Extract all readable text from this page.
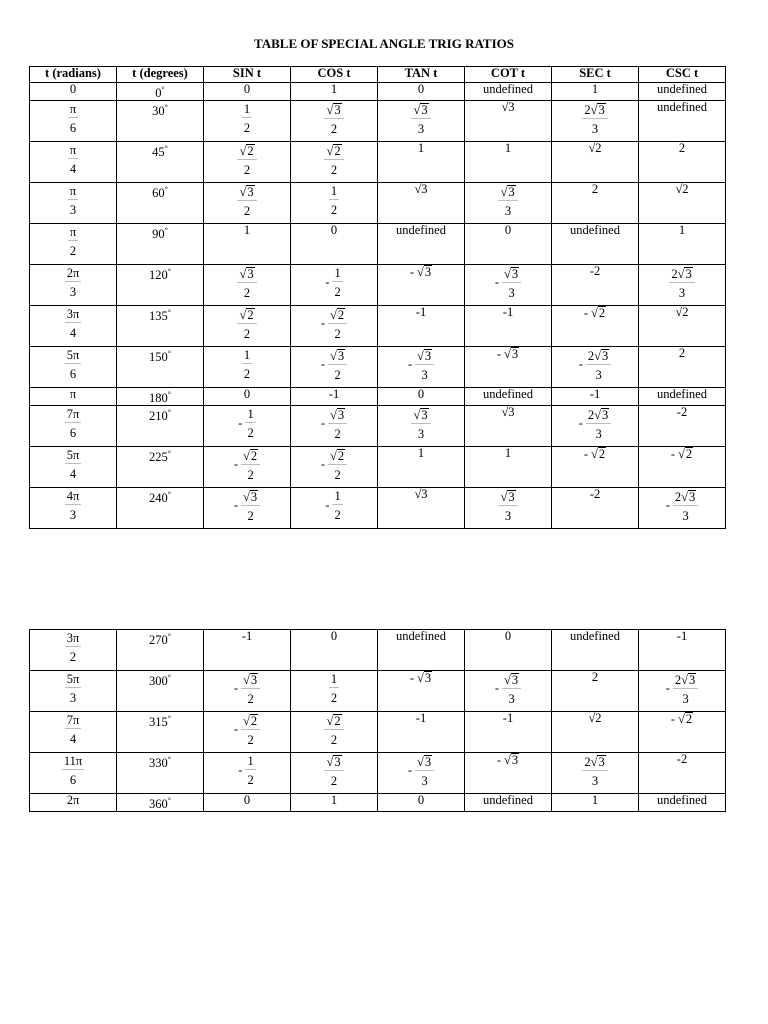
TABLE OF SPECIAL ANGLE TRIG RATIOS
t (radians)	t (degrees)	SIN t	COS t	TAN t	COT t	SEC t	CSC t
0	0°	0	1	0	undefined	1	undefined

$\frac{\pi}{6}$	30°	$\frac{1}{2}$	$\frac{√3}{2}$	$\frac{√3}{3}$	√3	$\frac{2√3}{3}$	undefined

$\frac{\pi}{4}$	45°	$\frac{√2}{2}$	$\frac{√2}{2}$	1	1	√2	2

$\frac{\pi}{3}$	60°	$\frac{√3}{2}$	$\frac{1}{2}$	√3	$\frac{√3}{3}$	2	√2

$\frac{\pi}{2}$	90°	1	0	undefined	0	undefined	1

$\frac{2\pi}{3}$	120°	$\frac{√3}{2}$	- $\frac{1}{2}$	- √3	- $\frac{√3}{3}$	-2	$\frac{2√3}{3}$

$\frac{3\pi}{4}$	135°	$\frac{√2}{2}$	- $\frac{√2}{2}$	-1	-1	- √2	√2

$\frac{5\pi}{6}$	150°	$\frac{1}{2}$	- $\frac{√3}{2}$	- $\frac{√3}{3}$	- √3	- $\frac{2√3}{3}$	2
π	180°	0	-1	0	undefined	-1	undefined

$\frac{7\pi}{6}$	210°	- $\frac{1}{2}$	- $\frac{√3}{2}$	$\frac{√3}{3}$	√3	- $\frac{2√3}{3}$	-2

$\frac{5\pi}{4}$	225°	- $\frac{√2}{2}$	- $\frac{√2}{2}$	1	1	- √2	- √2

$\frac{4\pi}{3}$	240°	- $\frac{√3}{2}$	- $\frac{1}{2}$	√3	$\frac{√3}{3}$	-2	- $\frac{2√3}{3}$
$\frac{3\pi}{2}$	270°	-1	0	undefined	0	undefined	-1

$\frac{5\pi}{3}$	300°	- $\frac{√3}{2}$	$\frac{1}{2}$	- √3	- $\frac{√3}{3}$	2	- $\frac{2√3}{3}$

$\frac{7\pi}{4}$	315°	- $\frac{√2}{2}$	$\frac{√2}{2}$	-1	-1	√2	- √2

$\frac{11\pi}{6}$	330°	- $\frac{1}{2}$	$\frac{√3}{2}$	- $\frac{√3}{3}$	- √3	$\frac{2√3}{3}$	-2
2π	360°	0	1	0	undefined	1	undefined
